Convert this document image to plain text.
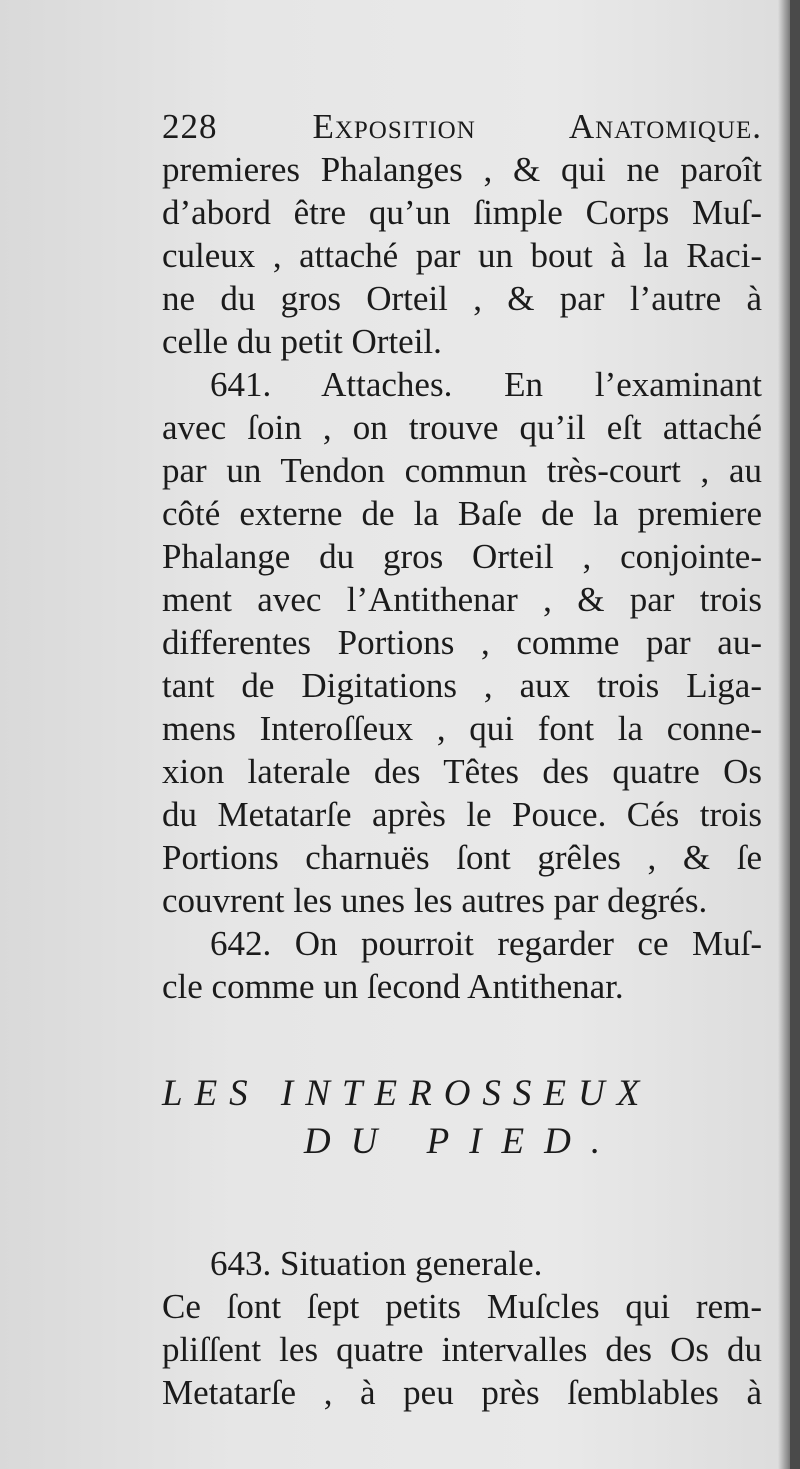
228 Exposition Anatomique.
premieres Phalanges , & qui ne paroît
d’abord être qu’un ſimple Corps Muſ-
culeux , attaché par un bout à la Raci-
ne du gros Orteil , & par l’autre à
celle du petit Orteil.
641. Attaches. En l’examinant
avec ſoin , on trouve qu’il eſt attaché
par un Tendon commun très-court , au
côté externe de la Baſe de la premiere
Phalange du gros Orteil , conjointe-
ment avec l’Antithenar , & par trois
differentes Portions , comme par au-
tant de Digitations , aux trois Liga-
mens Interoſſeux , qui font la connе-
xion laterale des Têtes des quatre Os
du Metatarſe après le Pouce. Cés trois
Portions charnuës ſont grêles , & ſe
couvrent les unes les autres par degrés.
642. On pourroit regarder ce Muſ-
cle comme un ſecond Antithenar.
LES INTEROSSEUX
DU PIED.
643. Situation generale.
Ce ſont ſept petits Muſcles qui rem-
pliſſent les quatre intervalles des Os du
Metatarſe , à peu près ſemblables à
